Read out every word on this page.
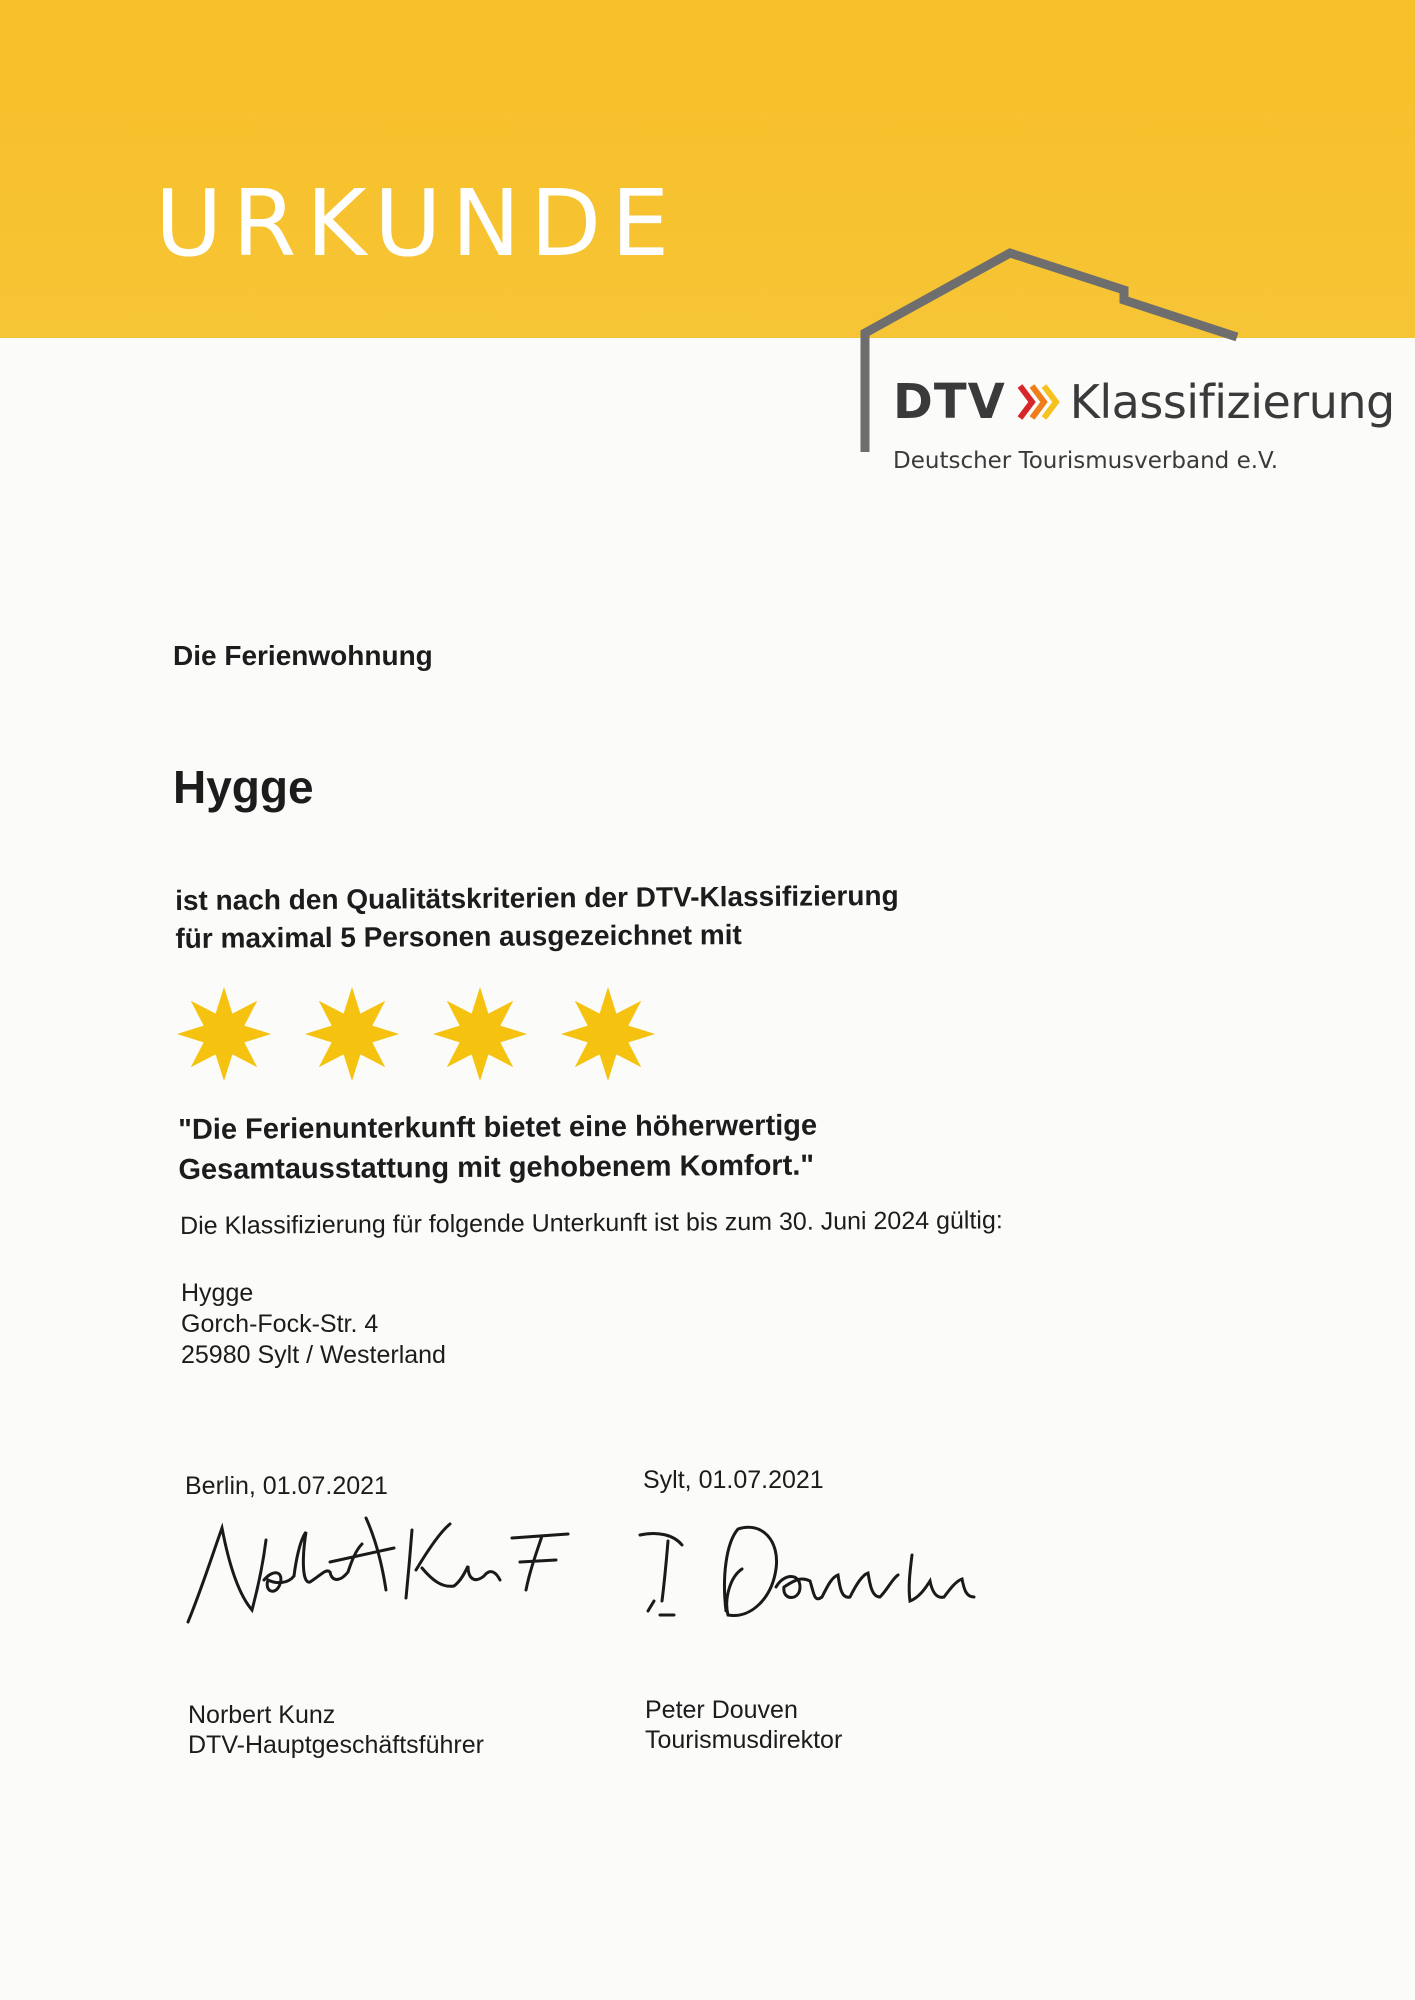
URKUNDE
DTV Klassifizierung
Deutscher Tourismusverband e.V.
Die Ferienwohnung
Hygge
ist nach den Qualitätskriterien der DTV-Klassifizierung
für maximal 5 Personen ausgezeichnet mit
"Die Ferienunterkunft bietet eine höherwertige
Gesamtausstattung mit gehobenem Komfort."
Die Klassifizierung für folgende Unterkunft ist bis zum 30. Juni 2024 gültig:
Hygge
Gorch-Fock-Str. 4
25980 Sylt / Westerland
Berlin, 01.07.2021	Sylt, 01.07.2021
Norbert Kunz
DTV-Hauptgeschäftsführer
Peter Douven
Tourismusdirektor
